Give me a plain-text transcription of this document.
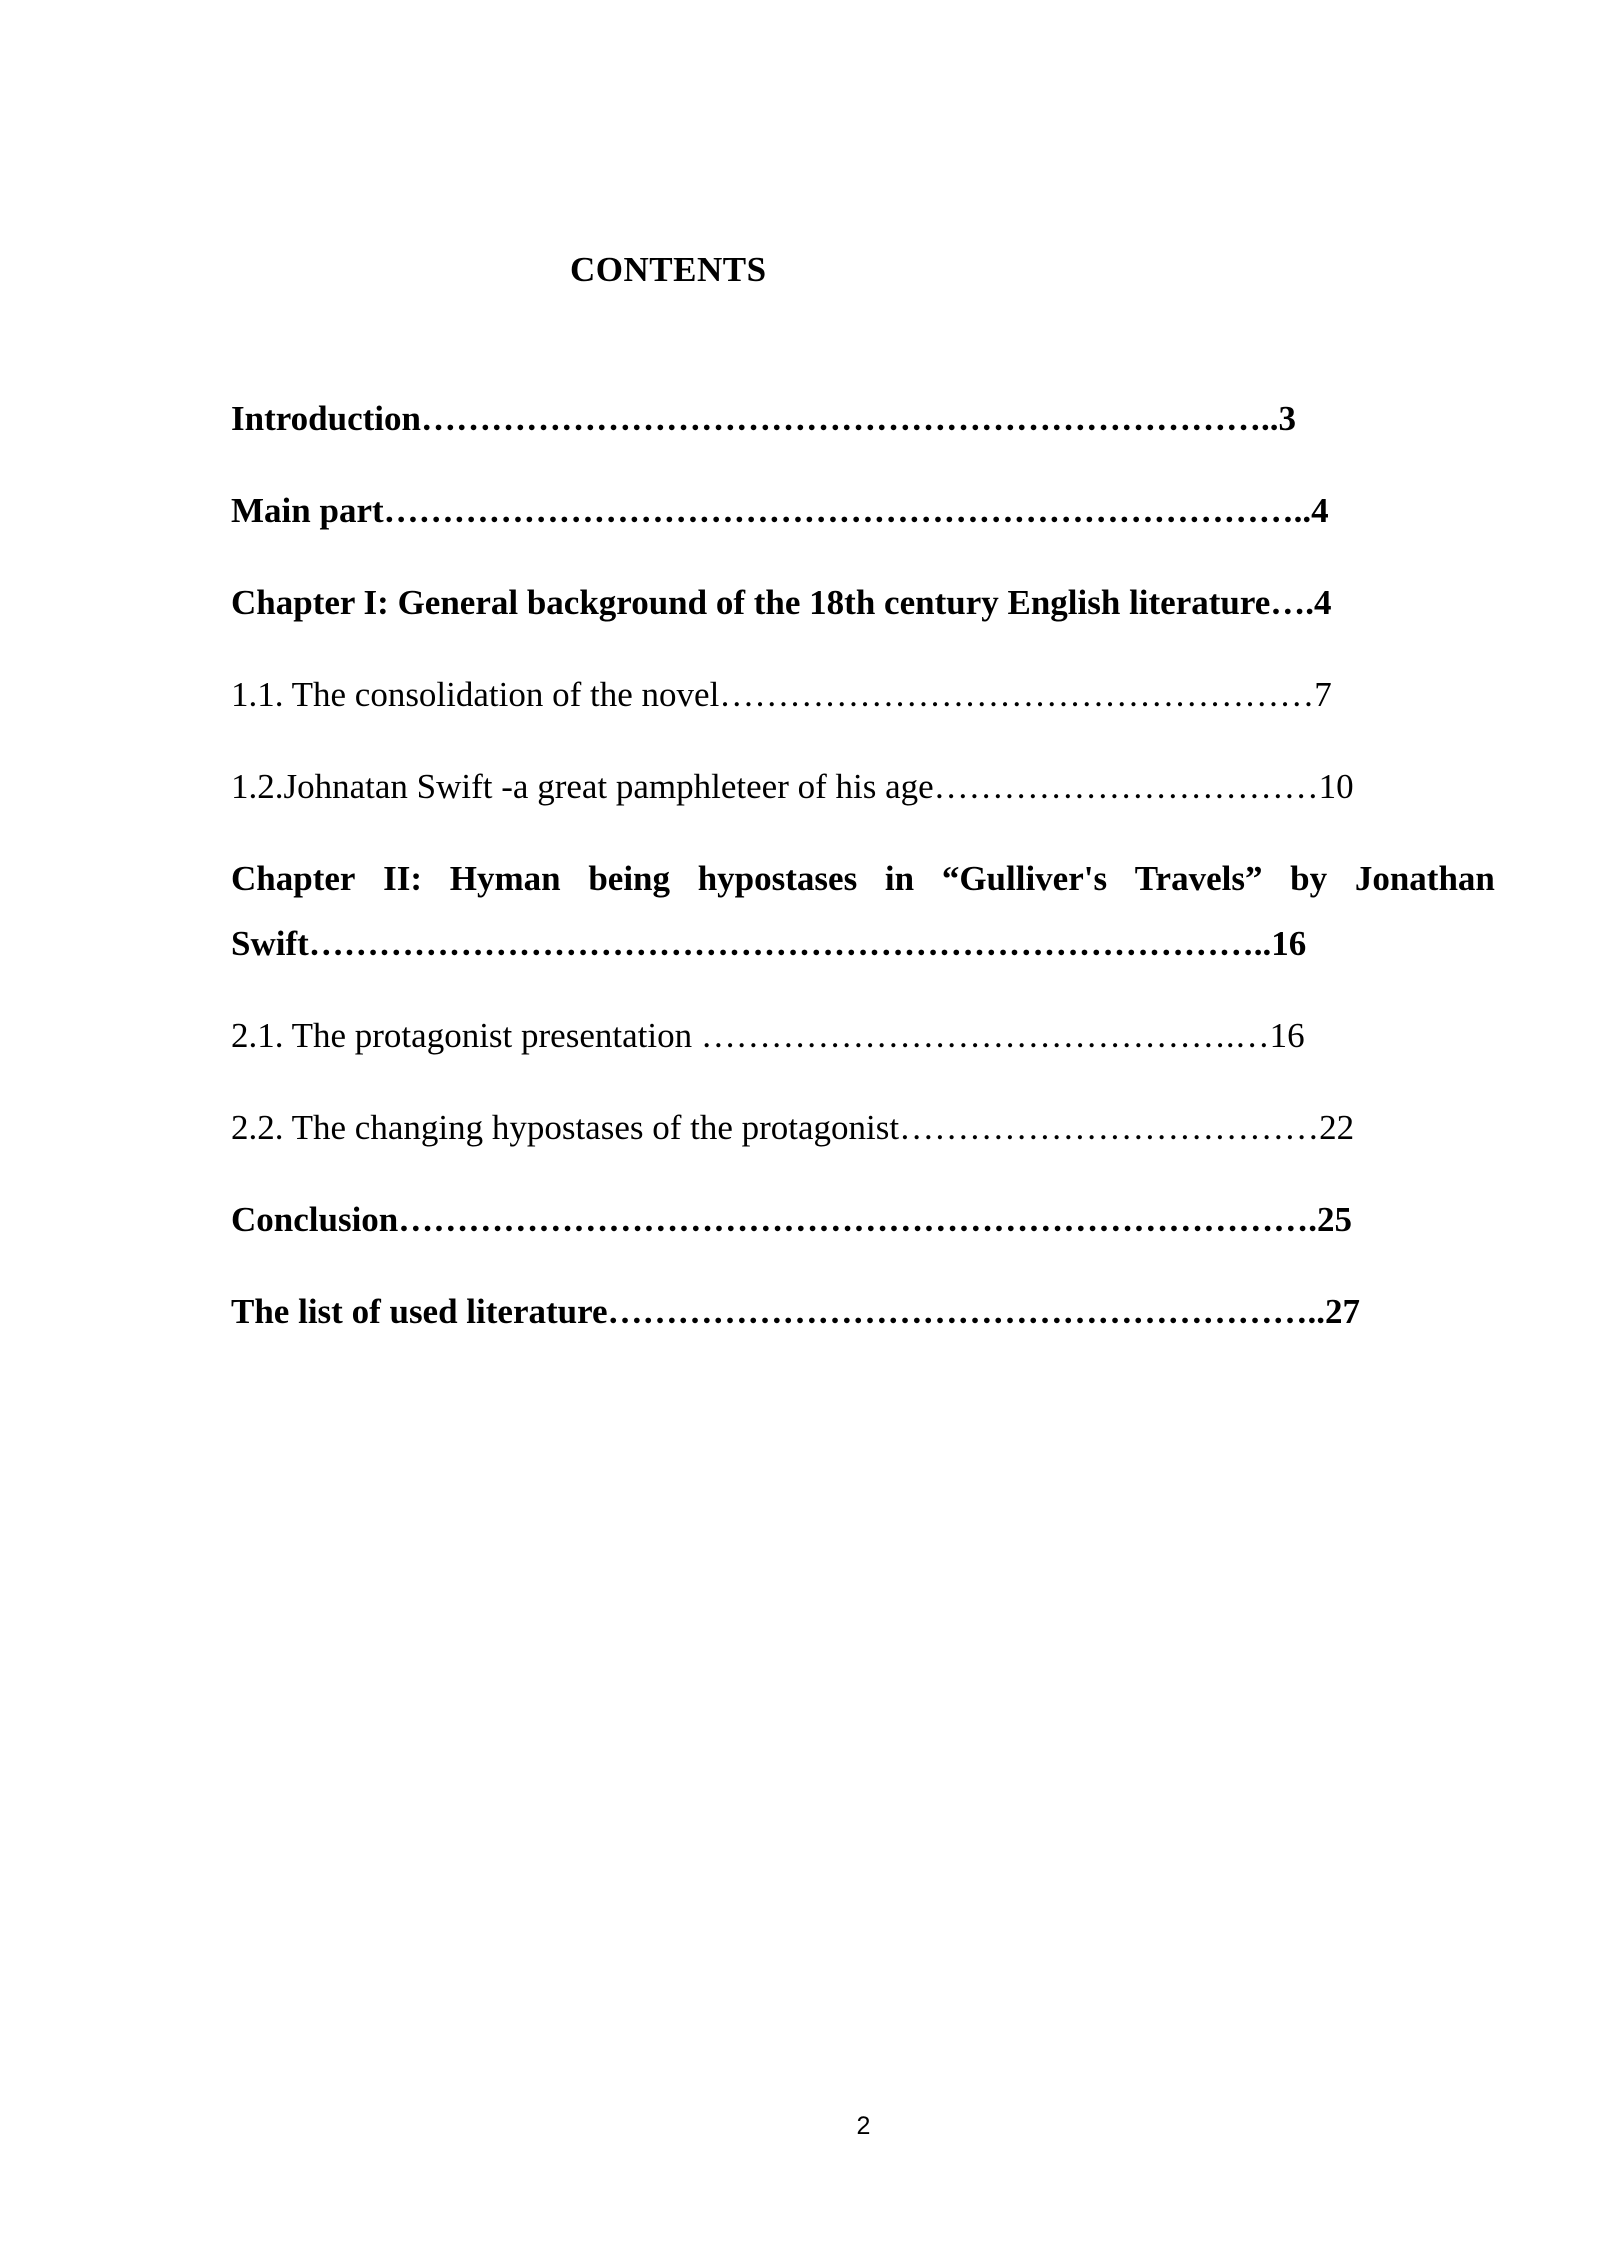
CONTENTS
Introduction………………………………………………………………..3
Main part……………………………………………………………………..4
Chapter I: General background of the 18th century English literature….4
1.1. The consolidation of the novel……………………………………………7
1.2.Johnatan Swift -a great pamphleteer of his age……………………………10
Chapter II: Hyman being hypostases in “Gulliver's Travels” by Jonathan
Swift………………………………………………………………………..16
2.1. The protagonist presentation ……………………………………….…16
2.2. The changing hypostases of the protagonist………………………………22
Conclusion…………………………………………………………………….25
The list of used literature……………………………………………………..27
2
